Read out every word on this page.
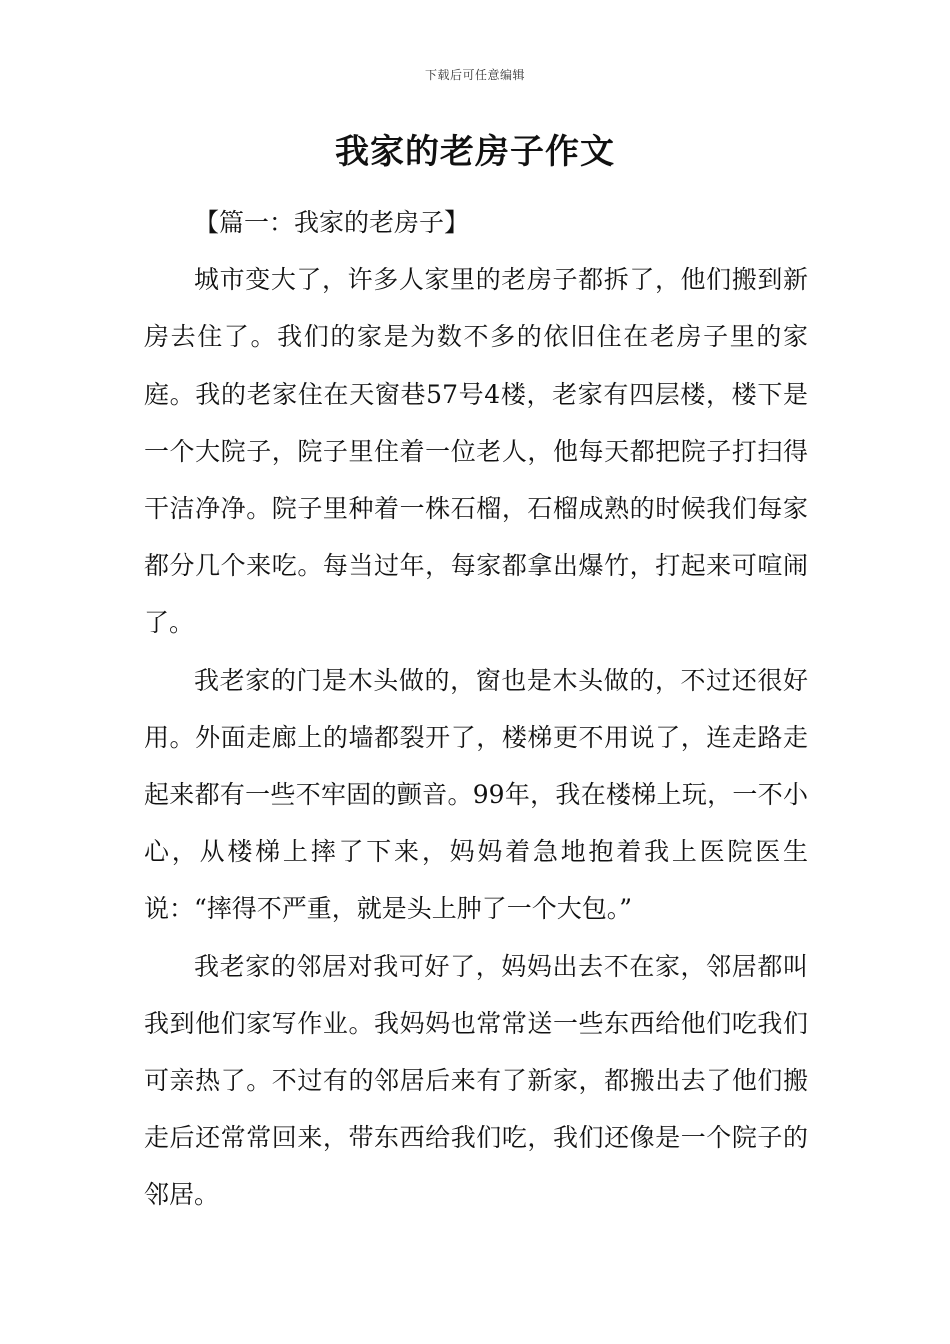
下载后可任意编辑
我家的老房子作文

【篇一：我家的老房子】

城市变大了，许多人家里的老房子都拆了，他们搬到新房去住了。我们的家是为数不多的依旧住在老房子里的家庭。我的老家住在天窗巷57号4楼，老家有四层楼，楼下是一个大院子，院子里住着一位老人，他每天都把院子打扫得干洁净净。院子里种着一株石榴，石榴成熟的时候我们每家都分几个来吃。每当过年，每家都拿出爆竹，打起来可喧闹了。

我老家的门是木头做的，窗也是木头做的，不过还很好用。外面走廊上的墙都裂开了，楼梯更不用说了，连走路走起来都有一些不牢固的颤音。99年，我在楼梯上玩，一不小心，从楼梯上摔了下来，妈妈着急地抱着我上医院医生说：“摔得不严重，就是头上肿了一个大包。”

我老家的邻居对我可好了，妈妈出去不在家，邻居都叫我到他们家写作业。我妈妈也常常送一些东西给他们吃我们可亲热了。不过有的邻居后来有了新家，都搬出去了他们搬走后还常常回来，带东西给我们吃，我们还像是一个院子的邻居。
